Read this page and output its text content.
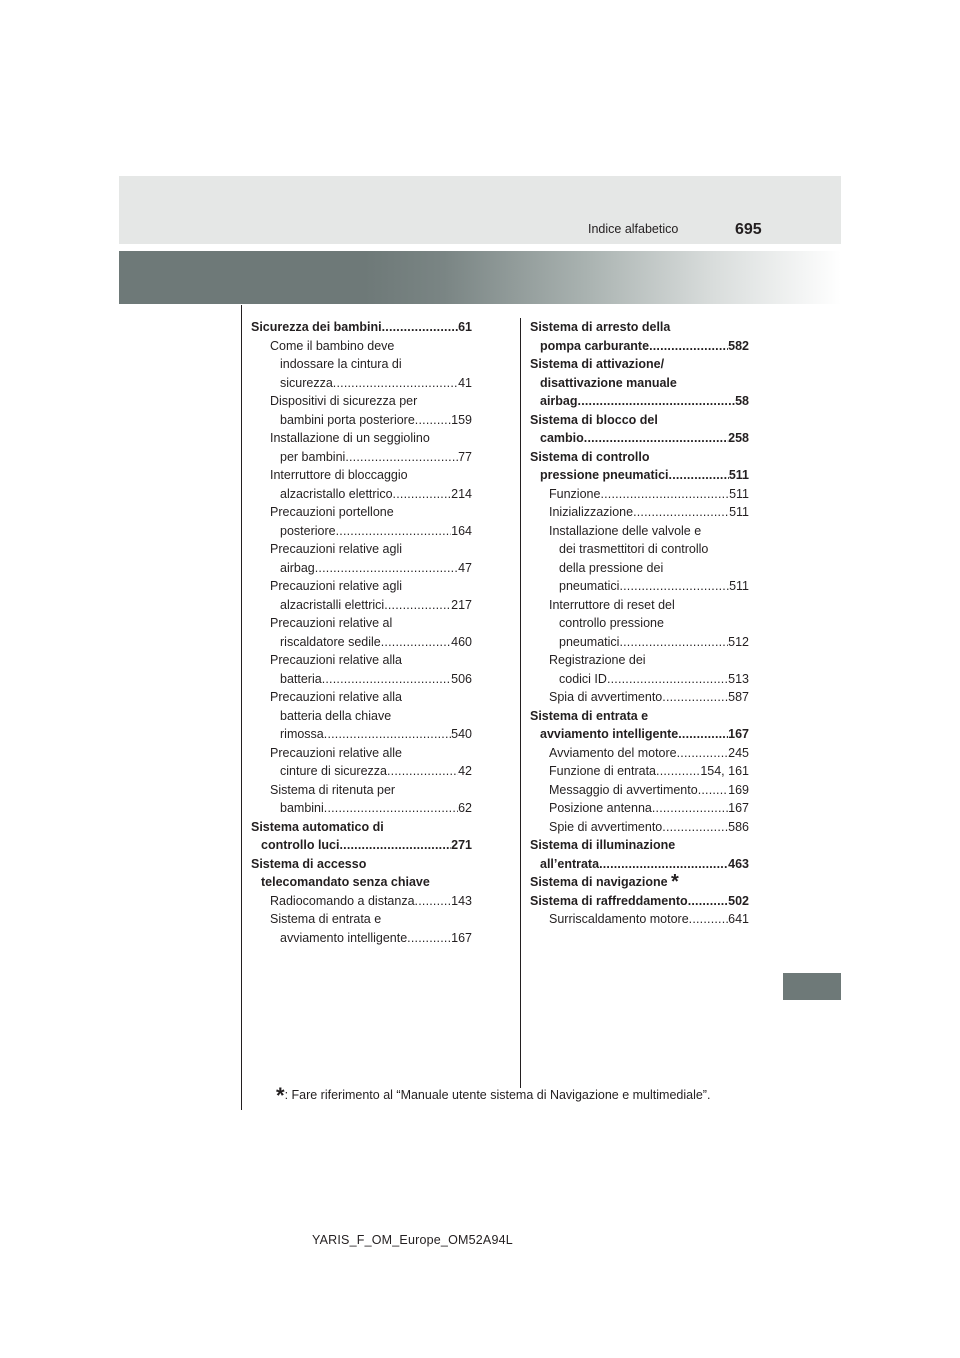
Indice alfabetico	695
Sicurezza dei bambini .....	61
Come il bambino deve
indossare la cintura di
sicurezza .....	41
Dispositivi di sicurezza per
bambini porta posteriore .....	159
Installazione di un seggiolino
per bambini .....	77
Interruttore di bloccaggio
alzacristallo elettrico .....	214
Precauzioni portellone
posteriore .....	164
Precauzioni relative agli
airbag .....	47
Precauzioni relative agli
alzacristalli elettrici .....	217
Precauzioni relative al
riscaldatore sedile .....	460
Precauzioni relative alla
batteria .....	506
Precauzioni relative alla
batteria della chiave
rimossa .....	540
Precauzioni relative alle
cinture di sicurezza .....	42
Sistema di ritenuta per
bambini .....	62
Sistema automatico di
controllo luci .....	271
Sistema di accesso
telecomandato senza chiave
Radiocomando a distanza .....	143
Sistema di entrata e
avviamento intelligente .....	167
Sistema di arresto della
pompa carburante .....	582
Sistema di attivazione/
disattivazione manuale
airbag .....	58
Sistema di blocco del
cambio .....	258
Sistema di controllo
pressione pneumatici .....	511
Funzione .....	511
Inizializzazione .....	511
Installazione delle valvole e
dei trasmettitori di controllo
della pressione dei
pneumatici .....	511
Interruttore di reset del
controllo pressione
pneumatici .....	512
Registrazione dei
codici ID .....	513
Spia di avvertimento .....	587
Sistema di entrata e
avviamento intelligente .....	167
Avviamento del motore .....	245
Funzione di entrata .....	154, 161
Messaggio di avvertimento ..... 169
Posizione antenna .....	167
Spie di avvertimento .....	586
Sistema di illuminazione
all’entrata .....	463
Sistema di navigazione *
Sistema di raffreddamento .....	502
Surriscaldamento motore .....	641
*: Fare riferimento al “Manuale utente sistema di Navigazione e multimediale”.
YARIS_F_OM_Europe_OM52A94L
